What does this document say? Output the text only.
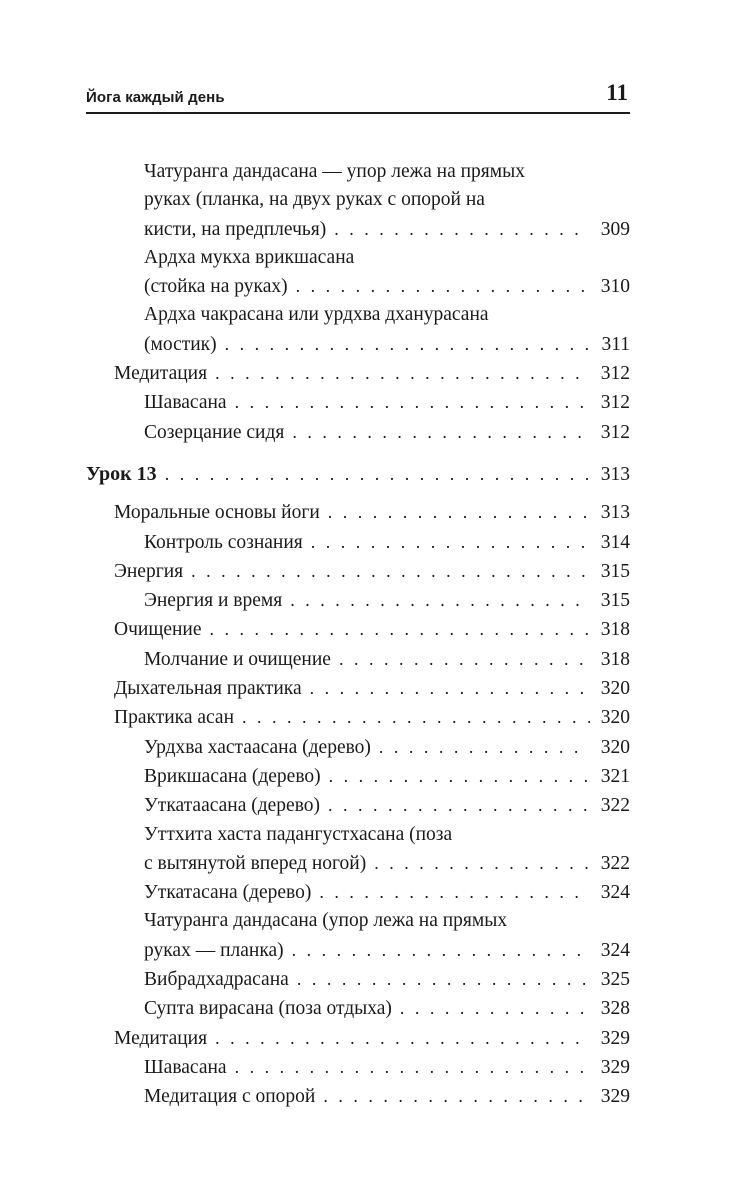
Йога каждый день	11
Чатуранга дандасана — упор лежа на прямых
руках (планка, на двух руках с опорой на
кисти, на предплечья) . . .	309
Ардха мукха врикшасана
(стойка на руках) . . .	310
Ардха чакрасана или урдхва дханурасана
(мостик) . . .	311
Медитация . . .	312
Шавасана . . .	312
Созерцание сидя . . .	312
Урок 13 . . .	313
Моральные основы йоги . . .	313
Контроль сознания . . .	314
Энергия . . .	315
Энергия и время . . .	315
Очищение . . .	318
Молчание и очищение . . .	318
Дыхательная практика . . .	320
Практика асан . . .	320
Урдхва хастаасана (дерево) . . .	320
Врикшасана (дерево) . . .	321
Уткатаасана (дерево) . . .	322
Уттхита хаста падангустхасана (поза
с вытянутой вперед ногой) . . .	322
Уткатасана (дерево) . . .	324
Чатуранга дандасана (упор лежа на прямых
руках — планка) . . .	324
Вибрадхадрасана . . .	325
Супта вирасана (поза отдыха) . . .	328
Медитация . . .	329
Шавасана . . .	329
Медитация с опорой . . .	329
